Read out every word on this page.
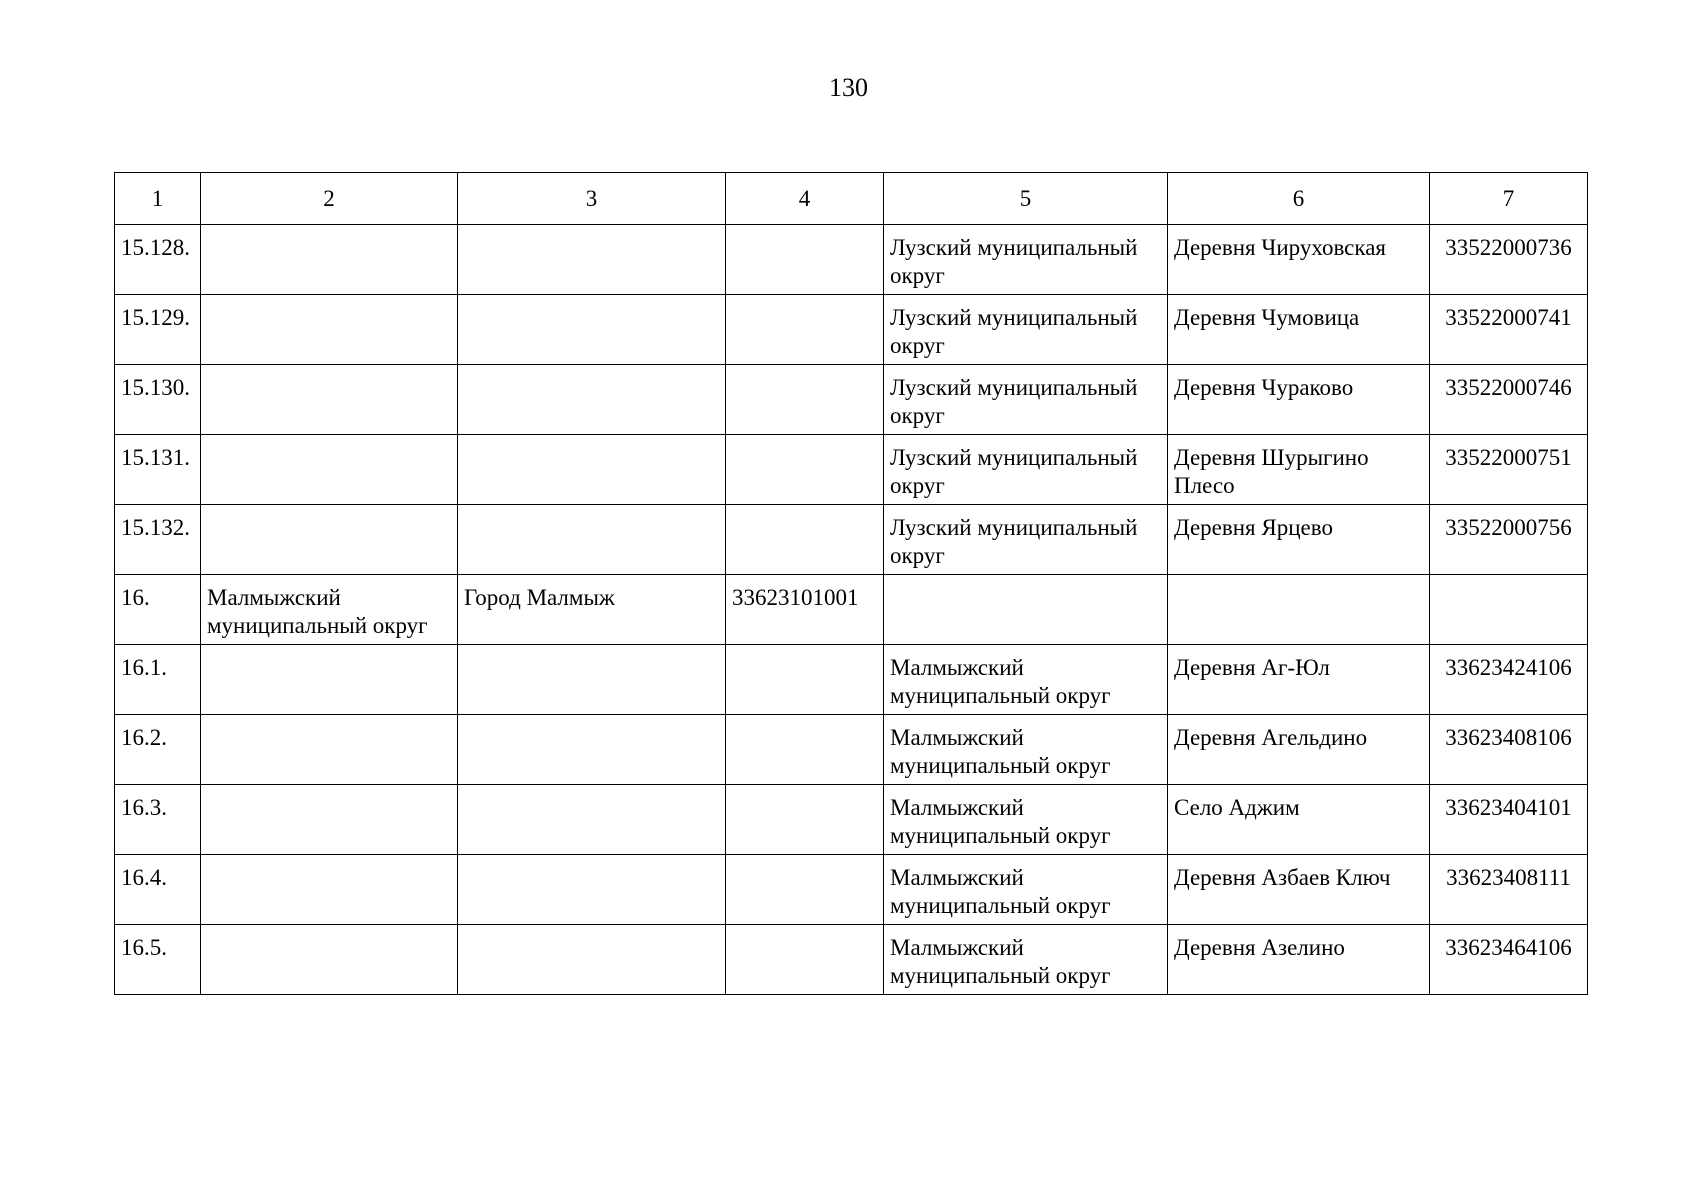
130
1	2	3	4	5	6	7
15.128.				Лузский муниципальный округ	Деревня Чируховская	33522000736
15.129.				Лузский муниципальный округ	Деревня Чумовица	33522000741
15.130.				Лузский муниципальный округ	Деревня Чураково	33522000746
15.131.				Лузский муниципальный округ	Деревня Шурыгино Плесо	33522000751
15.132.				Лузский муниципальный округ	Деревня Ярцево	33522000756
16.	Малмыжский муниципальный округ	Город Малмыж	33623101001			
16.1.				Малмыжский муниципальный округ	Деревня Аг-Юл	33623424106
16.2.				Малмыжский муниципальный округ	Деревня Агельдино	33623408106
16.3.				Малмыжский муниципальный округ	Село Аджим	33623404101
16.4.				Малмыжский муниципальный округ	Деревня Азбаев Ключ	33623408111
16.5.				Малмыжский муниципальный округ	Деревня Азелино	33623464106
